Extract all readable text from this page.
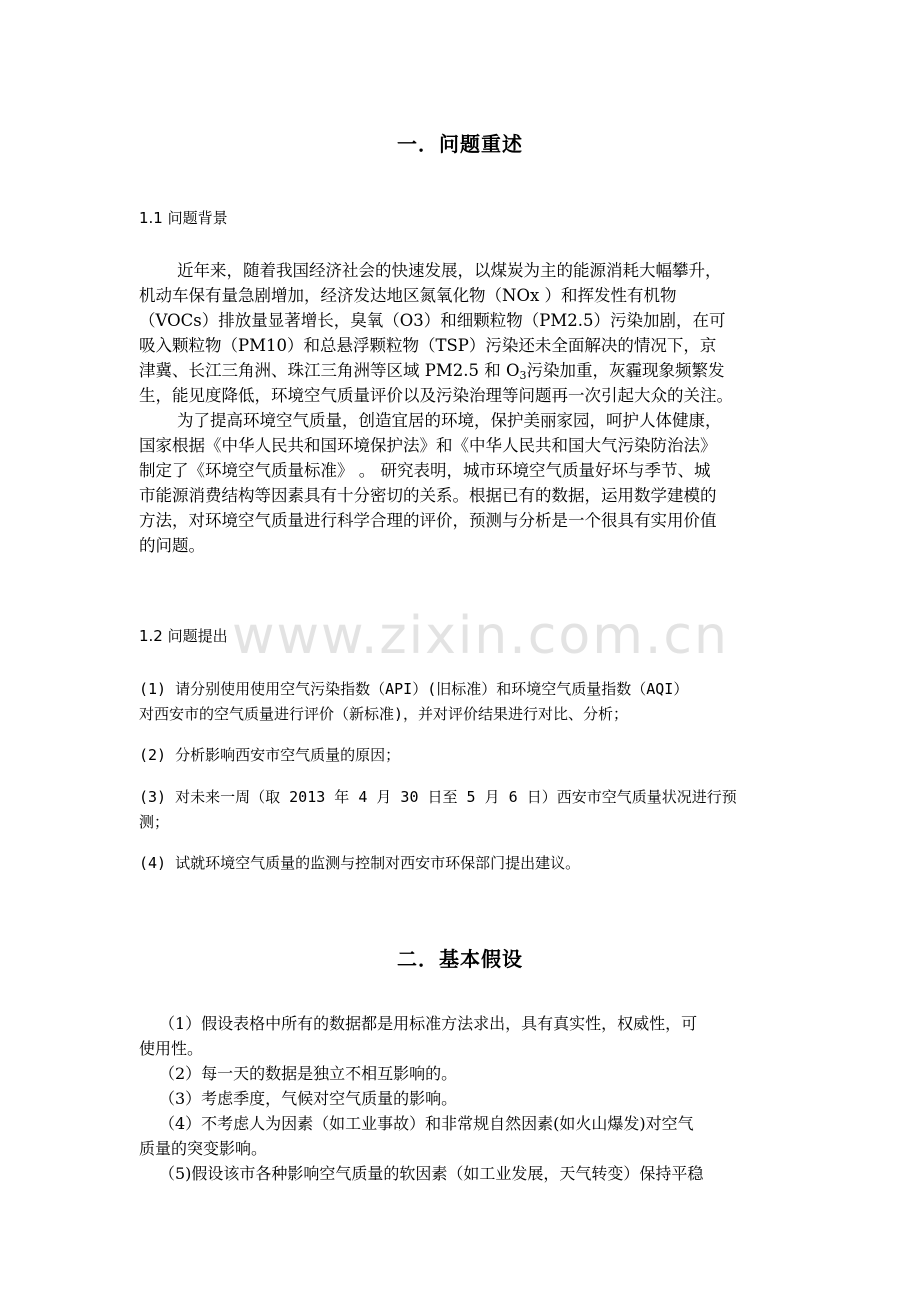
www.zixin.com.cn
一．问题重述
1.1 问题背景
近年来，随着我国经济社会的快速发展，以煤炭为主的能源消耗大幅攀升，
机动车保有量急剧增加，经济发达地区氮氧化物（NOx ）和挥发性有机物
（VOCs）排放量显著增长，臭氧（O3）和细颗粒物（PM2.5）污染加剧，在可
吸入颗粒物（PM10）和总悬浮颗粒物（TSP）污染还未全面解决的情况下，京
津冀、长江三角洲、珠江三角洲等区域 PM2.5 和 $O_3$污染加重，灰霾现象频繁发
生，能见度降低，环境空气质量评价以及污染治理等问题再一次引起大众的关注。
为了提高环境空气质量，创造宜居的环境，保护美丽家园，呵护人体健康，
国家根据《中华人民共和国环境保护法》和《中华人民共和国大气污染防治法》
制定了《环境空气质量标准》 。 研究表明，城市环境空气质量好坏与季节、城
市能源消费结构等因素具有十分密切的关系。根据已有的数据，运用数学建模的
方法，对环境空气质量进行科学合理的评价，预测与分析是一个很具有实用价值
的问题。
1.2 问题提出
(1) 请分别使用使用空气污染指数（API）(旧标准）和环境空气质量指数（AQI）
对西安市的空气质量进行评价（新标准)，并对评价结果进行对比、分析；
(2) 分析影响西安市空气质量的原因；
(3) 对未来一周（取 2013 年 4 月 30 日至 5 月 6 日）西安市空气质量状况进行预
测；
(4) 试就环境空气质量的监测与控制对西安市环保部门提出建议。
二．基本假设
（1）假设表格中所有的数据都是用标准方法求出，具有真实性，权威性，可
使用性。
（2）每一天的数据是独立不相互影响的。
（3）考虑季度，气候对空气质量的影响。
（4）不考虑人为因素（如工业事故）和非常规自然因素(如火山爆发)对空气
质量的突变影响。
（5)假设该市各种影响空气质量的软因素（如工业发展，天气转变）保持平稳
